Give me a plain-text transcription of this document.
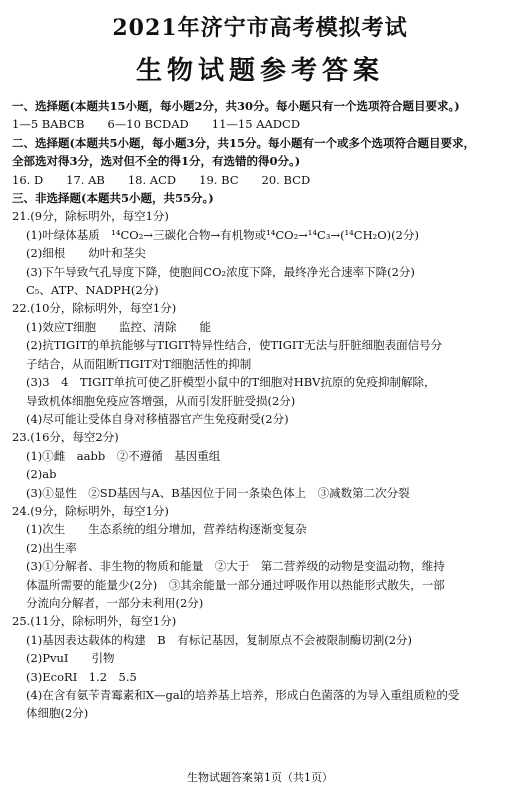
2021年济宁市高考模拟考试
生物试题参考答案
一、选择题(本题共15小题，每小题2分，共30分。每小题只有一个选项符合题目要求。)
1—5 BABCB　　6—10 BCDAD　　11—15 AADCD
二、选择题(本题共5小题，每小题3分，共15分。每小题有一个或多个选项符合题目要求，
全部选对得3分，选对但不全的得1分，有选错的得0分。)
16. D　　17. AB　　18. ACD　　19. BC　　20. BCD
三、非选择题(本题共5小题，共55分。)
21.(9分，除标明外，每空1分)
(1)叶绿体基质　¹⁴CO₂→三碳化合物→有机物或¹⁴CO₂→¹⁴C₃→(¹⁴CH₂O)(2分)
(2)细根　　幼叶和茎尖
(3)下午导致气孔导度下降，使胞间CO₂浓度下降，最终净光合速率下降(2分)
C₅、ATP、NADPH(2分)
22.(10分，除标明外，每空1分)
(1)效应T细胞　　监控、清除　　能
(2)抗TIGIT的单抗能够与TIGIT特异性结合，使TIGIT无法与肝脏细胞表面信号分
子结合，从而阻断TIGIT对T细胞活性的抑制
(3)3　4　TIGIT单抗可使乙肝模型小鼠中的T细胞对HBV抗原的免疫抑制解除，
导致机体细胞免疫应答增强，从而引发肝脏受损(2分)
(4)尽可能让受体自身对移植器官产生免疫耐受(2分)
23.(16分，每空2分)
(1)①雌　aabb　②不遵循　基因重组
(2)ab
(3)①显性　②SD基因与A、B基因位于同一条染色体上　③减数第二次分裂
24.(9分，除标明外，每空1分)
(1)次生　　生态系统的组分增加，营养结构逐渐变复杂
(2)出生率
(3)①分解者、非生物的物质和能量　②大于　第二营养级的动物是变温动物，维持
体温所需要的能量少(2分)　③其余能量一部分通过呼吸作用以热能形式散失，一部
分流向分解者，一部分未利用(2分)
25.(11分，除标明外，每空1分)
(1)基因表达载体的构建　B　有标记基因，复制原点不会被限制酶切割(2分)
(2)PvuⅠ　　引物
(3)EcoRⅠ　1.2　5.5
(4)在含有氨苄青霉素和X—gal的培养基上培养，形成白色菌落的为导入重组质粒的受
体细胞(2分)
生物试题答案第1页（共1页）
